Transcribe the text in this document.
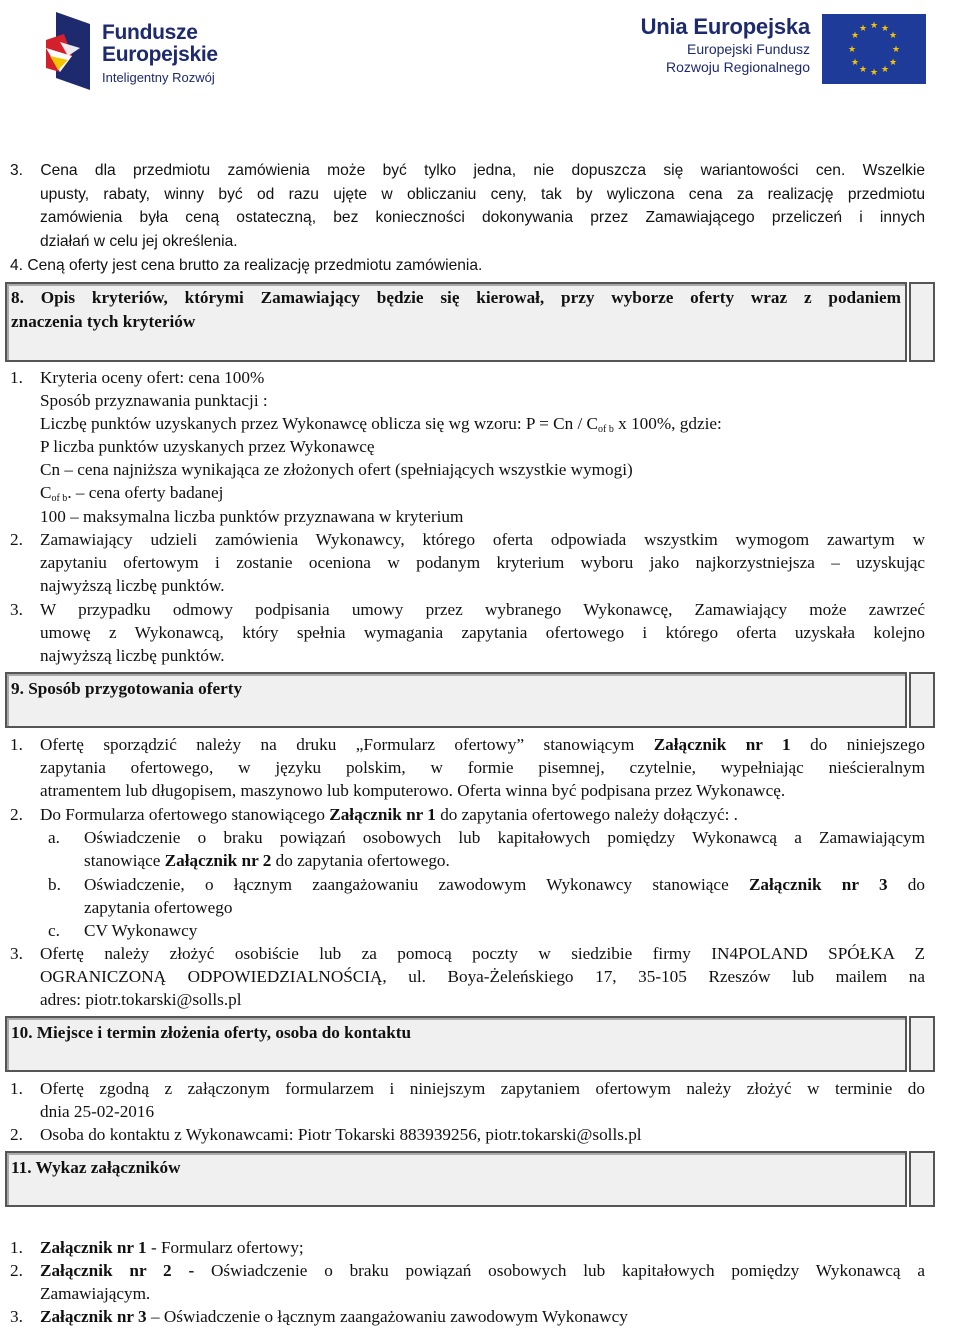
Fundusze
Europejskie
Inteligentny Rozwój
Unia Europejska
Europejski Fundusz
Rozwoju Regionalnego
★ ★
★
★
★
★
★
★
★
★
★
★
3. Cena dla przedmiotu zamówienia może być tylko jedna, nie dopuszcza się wariantowości cen. Wszelkie
upusty, rabaty, winny być od razu ujęte w obliczaniu ceny, tak by wyliczona cena za realizację przedmiotu
zamówienia była ceną ostateczną, bez konieczności dokonywania przez Zamawiającego przeliczeń i innych
działań w celu jej określenia.
4. Ceną oferty jest cena brutto za realizację przedmiotu zamówienia.
8. Opis kryteriów, którymi Zamawiający będzie się kierował, przy wyborze oferty wraz z podaniem
znaczenia tych kryteriów
1. Kryteria oceny ofert: cena 100%
Sposób przyznawania punktacji :
Liczbę punktów uzyskanych przez Wykonawcę oblicza się wg wzoru: $P = Cn / C_{of b}$ x 100%, gdzie:
P liczba punktów uzyskanych przez Wykonawcę
Cn – cena najniższa wynikająca ze złożonych ofert (spełniających wszystkie wymogi)
$C_{of b}$. – cena oferty badanej
100 – maksymalna liczba punktów przyznawana w kryterium
2. Zamawiający udzieli zamówienia Wykonawcy, którego oferta odpowiada wszystkim wymogom zawartym w
zapytaniu ofertowym i zostanie oceniona w podanym kryterium wyboru jako najkorzystniejsza – uzyskując
najwyższą liczbę punktów.
3. W przypadku odmowy podpisania umowy przez wybranego Wykonawcę, Zamawiający może zawrzeć
umowę z Wykonawcą, który spełnia wymagania zapytania ofertowego i którego oferta uzyskała kolejno
najwyższą liczbę punktów.
9. Sposób przygotowania oferty
1. Ofertę sporządzić należy na druku „Formularz ofertowy” stanowiącym Załącznik nr 1 do niniejszego
zapytania ofertowego, w języku polskim, w formie pisemnej, czytelnie, wypełniając nieścieralnym
atramentem lub długopisem, maszynowo lub komputerowo. Oferta winna być podpisana przez Wykonawcę.
2. Do Formularza ofertowego stanowiącego Załącznik nr 1 do zapytania ofertowego należy dołączyć: .
a. Oświadczenie o braku powiązań osobowych lub kapitałowych pomiędzy Wykonawcą a Zamawiającym
stanowiące Załącznik nr 2 do zapytania ofertowego.
b. Oświadczenie, o łącznym zaangażowaniu zawodowym Wykonawcy stanowiące Załącznik nr 3 do
zapytania ofertowego
c. CV Wykonawcy
3. Ofertę należy złożyć osobiście lub za pomocą poczty w siedzibie firmy IN4POLAND SPÓŁKA Z
OGRANICZONĄ ODPOWIEDZIALNOŚCIĄ, ul. Boya-Żeleńskiego 17, 35-105 Rzeszów lub mailem na
adres: piotr.tokarski@solls.pl
10. Miejsce i termin złożenia oferty, osoba do kontaktu
1. Ofertę zgodną z załączonym formularzem i niniejszym zapytaniem ofertowym należy złożyć w terminie do
dnia 25-02-2016
2. Osoba do kontaktu z Wykonawcami: Piotr Tokarski 883939256, piotr.tokarski@solls.pl
11. Wykaz załączników
1. Załącznik nr 1 - Formularz ofertowy;
2. Załącznik nr 2 - Oświadczenie o braku powiązań osobowych lub kapitałowych pomiędzy Wykonawcą a
Zamawiającym.
3. Załącznik nr 3 – Oświadczenie o łącznym zaangażowaniu zawodowym Wykonawcy
